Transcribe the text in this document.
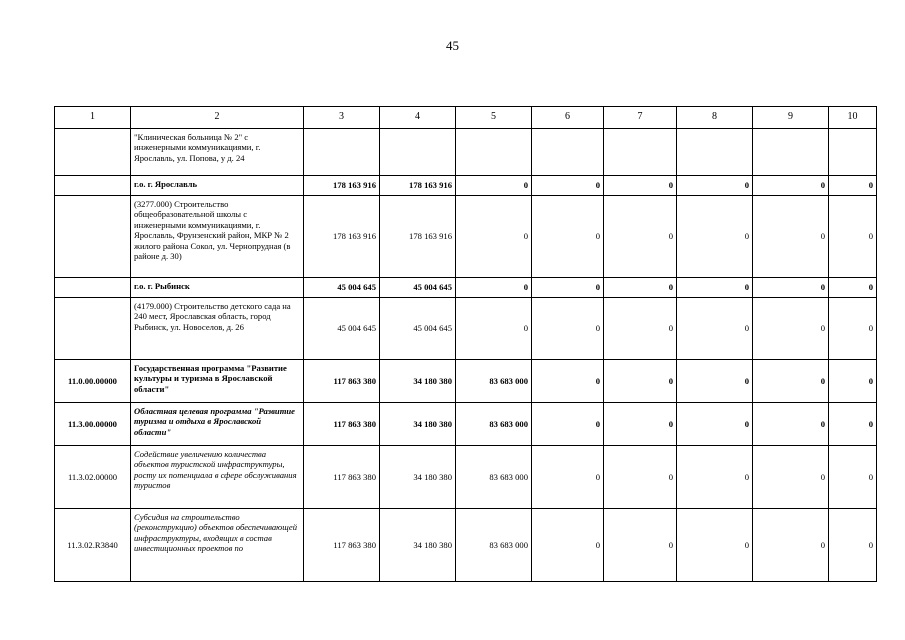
45
1	2	3	4	5	6	7	8	9	10
	"Клиническая больница № 2" с инженерными коммуникациями, г. Ярославль, ул. Попова, у д. 24								
	г.о. г. Ярославль	178 163 916	178 163 916	0	0	0	0	0	0
	(3277.000) Строительство общеобразовательной школы с инженерными коммуникациями, г. Ярославль, Фрунзенский район, МКР № 2 жилого района Сокол, ул. Чернопрудная (в районе д. 30)	178 163 916	178 163 916	0	0	0	0	0	0
	г.о. г. Рыбинск	45 004 645	45 004 645	0	0	0	0	0	0
	(4179.000) Строительство детского сада на 240 мест, Ярославская область, город Рыбинск, ул. Новоселов, д. 26	45 004 645	45 004 645	0	0	0	0	0	0
11.0.00.00000	Государственная программа "Развитие культуры и туризма в Ярославской области"	117 863 380	34 180 380	83 683 000	0	0	0	0	0
11.3.00.00000	Областная целевая программа "Развитие туризма и отдыха в Ярославской области"	117 863 380	34 180 380	83 683 000	0	0	0	0	0
11.3.02.00000	Содействие увеличению количества объектов туристской инфраструктуры, росту их потенциала в сфере обслуживания туристов	117 863 380	34 180 380	83 683 000	0	0	0	0	0
11.3.02.R3840	Субсидия на строительство (реконструкцию) объектов обеспечивающей инфраструктуры, входящих в состав инвестиционных проектов по	117 863 380	34 180 380	83 683 000	0	0	0	0	0
